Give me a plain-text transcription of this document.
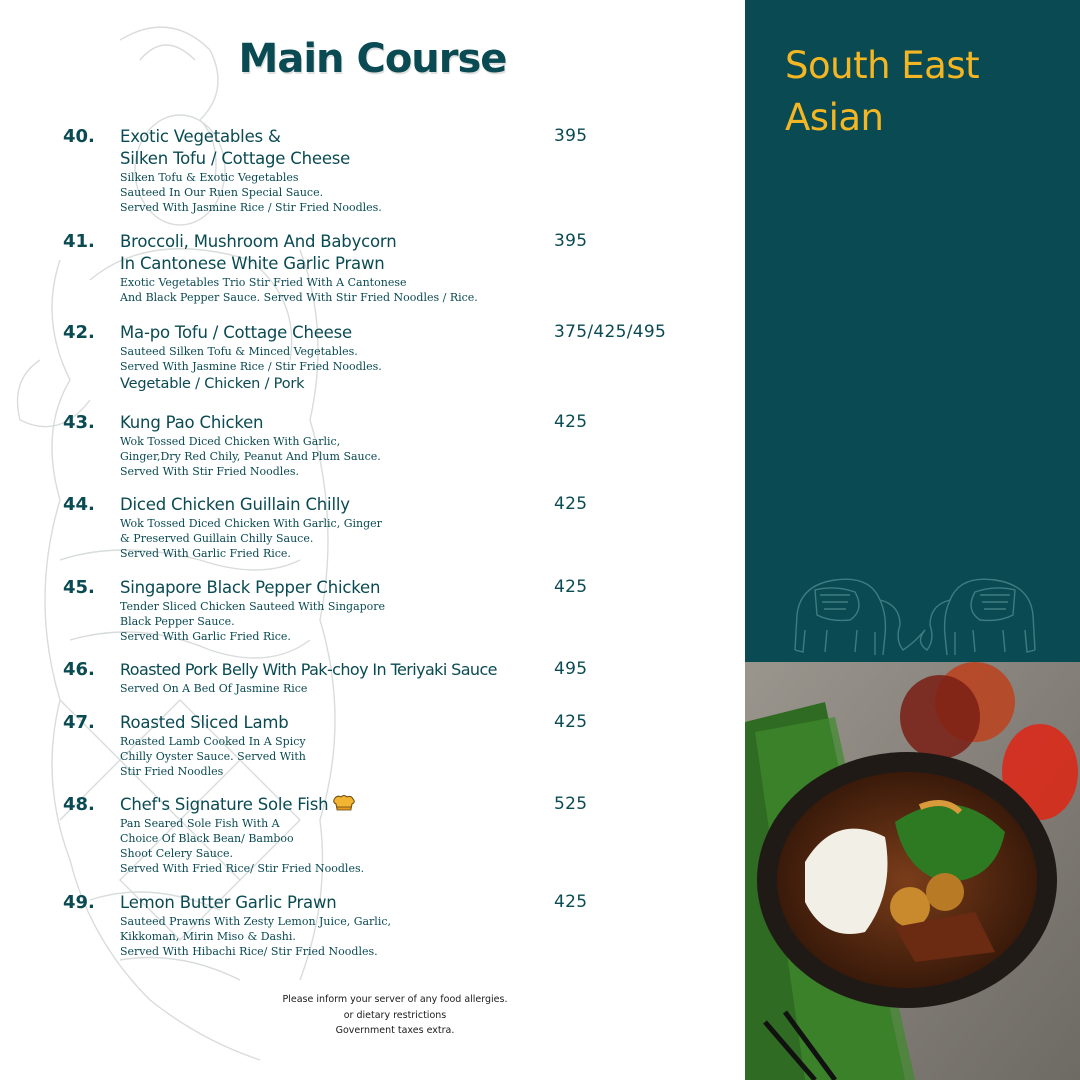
Main Course
40. Exotic Vegetables &
Silken Tofu / Cottage Cheese
Silken Tofu & Exotic Vegetables
Sauteed In Our Ruen Special Sauce.
Served With Jasmine Rice / Stir Fried Noodles.
395
41. Broccoli, Mushroom And Babycorn
In Cantonese White Garlic Prawn
Exotic Vegetables Trio Stir Fried With A Cantonese
And Black Pepper Sauce. Served With Stir Fried Noodles / Rice.
395
42. Ma-po Tofu / Cottage Cheese
Sauteed Silken Tofu & Minced Vegetables.
Served With Jasmine Rice / Stir Fried Noodles.
Vegetable / Chicken / Pork
375/425/495
43. Kung Pao Chicken
Wok Tossed Diced Chicken With Garlic,
Ginger,Dry Red Chily, Peanut And Plum Sauce.
Served With Stir Fried Noodles.
425
44. Diced Chicken Guillain Chilly
Wok Tossed Diced Chicken With Garlic, Ginger
& Preserved Guillain Chilly Sauce.
Served With Garlic Fried Rice.
425
45. Singapore Black Pepper Chicken
Tender Sliced Chicken Sauteed With Singapore
Black Pepper Sauce.
Served With Garlic Fried Rice.
425
46. Roasted Pork Belly With Pak-choy In Teriyaki Sauce
Served On A Bed Of Jasmine Rice
495
47. Roasted Sliced Lamb
Roasted Lamb Cooked In A Spicy
Chilly Oyster Sauce. Served With
Stir Fried Noodles
425
48. Chef's Signature Sole Fish
Pan Seared Sole Fish With A
Choice Of Black Bean/ Bamboo
Shoot Celery Sauce.
Served With Fried Rice/ Stir Fried Noodles.
525
49. Lemon Butter Garlic Prawn
Sauteed Prawns With Zesty Lemon Juice, Garlic,
Kikkoman, Mirin Miso & Dashi.
Served With Hibachi Rice/ Stir Fried Noodles.
425
Please inform your server of any food allergies.
or dietary restrictions
Government taxes extra.
South East
Asian
